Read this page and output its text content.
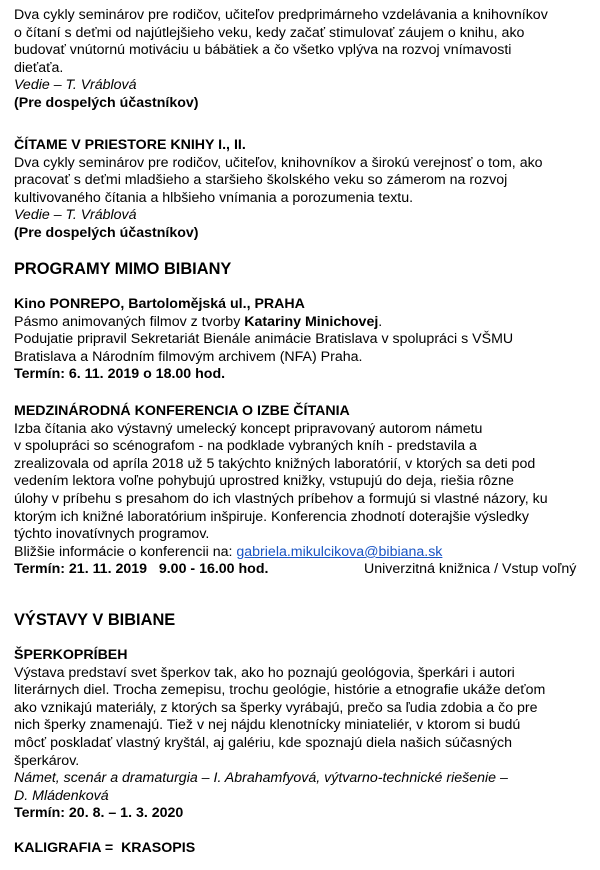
Dva cykly seminárov pre rodičov, učiteľov predprimárneho vzdelávania a knihovníkov

o čítaní s deťmi od najútlejšieho veku, kedy začať stimulovať záujem o knihu, ako

budovať vnútornú motiváciu u bábätiek a čo všetko vplýva na rozvoj vnímavosti

dieťaťa.

Vedie – T. Vráblová

(Pre dospelých účastníkov)

ČÍTAME V PRIESTORE KNIHY I., II.

Dva cykly seminárov pre rodičov, učiteľov, knihovníkov a širokú verejnosť o tom, ako

pracovať s deťmi mladšieho a staršieho školského veku so zámerom na rozvoj

kultivovaného čítania a hlbšieho vnímania a porozumenia textu.

Vedie – T. Vráblová

(Pre dospelých účastníkov)

PROGRAMY MIMO BIBIANY

Kino PONREPO, Bartolomějská ul., PRAHA

Pásmo animovaných filmov z tvorby Katariny Minichovej.

Podujatie pripravil Sekretariát Bienále animácie Bratislava v spolupráci s VŠMU

Bratislava a Národním filmovým archivem (NFA) Praha.

Termín: 6. 11. 2019 o 18.00 hod.

MEDZINÁRODNÁ KONFERENCIA O IZBE ČÍTANIA

Izba čítania ako výstavný umelecký koncept pripravovaný autorom námetu

v spolupráci so scénografom - na podklade vybraných kníh - predstavila a

zrealizovala od apríla 2018 už 5 takýchto knižných laboratórií, v ktorých sa deti pod

vedením lektora voľne pohybujú uprostred knižky, vstupujú do deja, riešia rôzne

úlohy v príbehu s presahom do ich vlastných príbehov a formujú si vlastné názory, ku

ktorým ich knižné laboratórium inšpiruje. Konferencia zhodnotí doterajšie výsledky

týchto inovatívnych programov.

Bližšie informácie o konferencii na: gabriela.mikulcikova@bibiana.sk

Termín: 21. 11. 2019   9.00 - 16.00 hod.	Univerzitná knižnica / Vstup voľný

VÝSTAVY V BIBIANE

ŠPERKOPRÍBEH

Výstava predstaví svet šperkov tak, ako ho poznajú geológovia, šperkári i autori

literárnych diel. Trocha zemepisu, trochu geológie, histórie a etnografie ukáže deťom

ako vznikajú materiály, z ktorých sa šperky vyrábajú, prečo sa ľudia zdobia a čo pre

nich šperky znamenajú. Tiež v nej nájdu klenotnícky miniateliér, v ktorom si budú

môcť poskladať vlastný kryštál, aj galériu, kde spoznajú diela našich súčasných

šperkárov.

Námet, scenár a dramaturgia – I. Abrahamfyová, výtvarno-technické riešenie –

D. Mládenková

Termín: 20. 8. – 1. 3. 2020

KALIGRAFIA =  KRASOPIS
